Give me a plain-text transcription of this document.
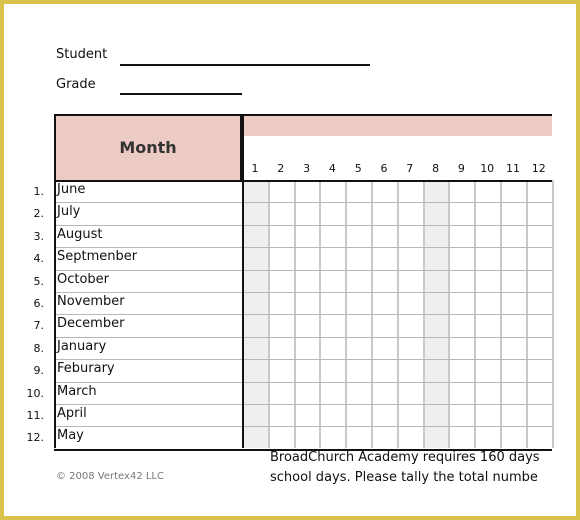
Student
Grade
Month
1	2	3	4	5	6	7	8	9	10	11	12
1. June
2. July
3. August
4. Septmenber
5. October
6. November
7. December
8. January
9. Feburary
10. March
11. April
12. May
BroadChurch Academy requires 160 days
school days. Please tally the total numbe
© 2008 Vertex42 LLC
